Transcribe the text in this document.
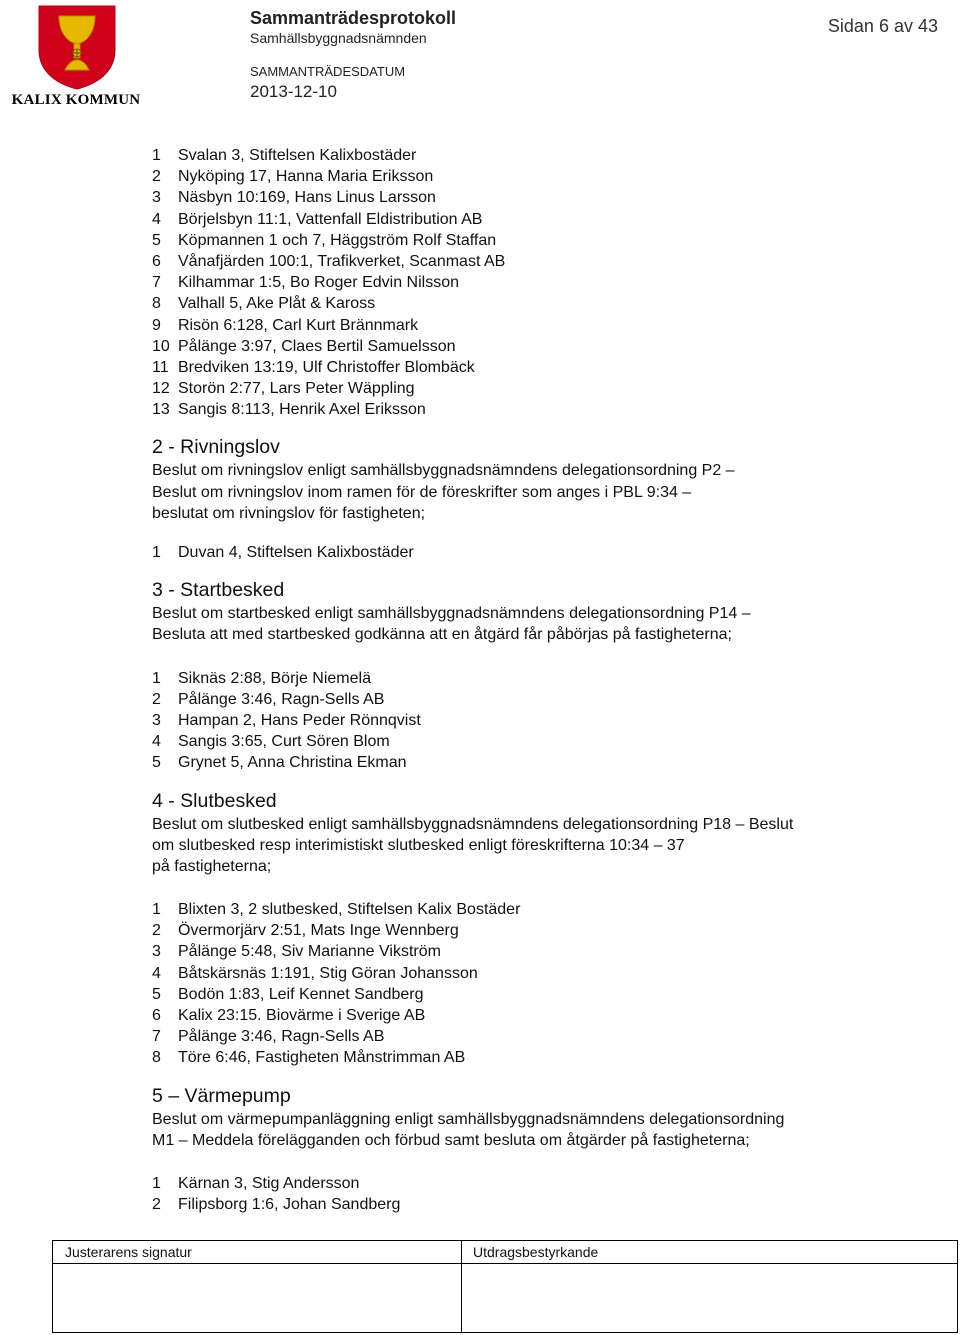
KALIX KOMMUN
Sammanträdesprotokoll
Samhällsbyggnadsnämnden
SAMMANTRÄDESDATUM
2013-12-10
Sidan 6 av 43
1 Svalan 3, Stiftelsen Kalixbostäder
2 Nyköping 17, Hanna Maria Eriksson
3 Näsbyn 10:169, Hans Linus Larsson
4 Börjelsbyn 11:1, Vattenfall Eldistribution AB
5 Köpmannen 1 och 7, Häggström Rolf Staffan
6 Vånafjärden 100:1, Trafikverket, Scanmast AB
7 Kilhammar 1:5, Bo Roger Edvin Nilsson
8 Valhall 5, Ake Plåt & Kaross
9 Risön 6:128, Carl Kurt Brännmark
10 Pålänge 3:97, Claes Bertil Samuelsson
11 Bredviken 13:19, Ulf Christoffer Blombäck
12 Storön 2:77, Lars Peter Wäppling
13 Sangis 8:113, Henrik Axel Eriksson
2 - Rivningslov
Beslut om rivningslov enligt samhällsbyggnadsnämndens delegationsordning P2 –
Beslut om rivningslov inom ramen för de föreskrifter som anges i PBL 9:34 –
beslutat om rivningslov för fastigheten;
1 Duvan 4, Stiftelsen Kalixbostäder
3 - Startbesked
Beslut om startbesked enligt samhällsbyggnadsnämndens delegationsordning P14 –
Besluta att med startbesked godkänna att en åtgärd får påbörjas på fastigheterna;
1 Siknäs 2:88, Börje Niemelä
2 Pålänge 3:46, Ragn-Sells AB
3 Hampan 2, Hans Peder Rönnqvist
4 Sangis 3:65, Curt Sören Blom
5 Grynet 5, Anna Christina Ekman
4 - Slutbesked
Beslut om slutbesked enligt samhällsbyggnadsnämndens delegationsordning P18 – Beslut
om slutbesked resp interimistiskt slutbesked enligt föreskrifterna 10:34 – 37
på fastigheterna;
1 Blixten 3, 2 slutbesked, Stiftelsen Kalix Bostäder
2 Övermorjärv 2:51, Mats Inge Wennberg
3 Pålänge 5:48, Siv Marianne Vikström
4 Båtskärsnäs 1:191, Stig Göran Johansson
5 Bodön 1:83, Leif Kennet Sandberg
6 Kalix 23:15. Biovärme i Sverige AB
7 Pålänge 3:46, Ragn-Sells AB
8 Töre 6:46, Fastigheten Månstrimman AB
5 – Värmepump
Beslut om värmepumpanläggning enligt samhällsbyggnadsnämndens delegationsordning
M1 – Meddela förelägganden och förbud samt besluta om åtgärder på fastigheterna;
1 Kärnan 3, Stig Andersson
2 Filipsborg 1:6, Johan Sandberg
Justerarens signatur	Utdragsbestyrkande
